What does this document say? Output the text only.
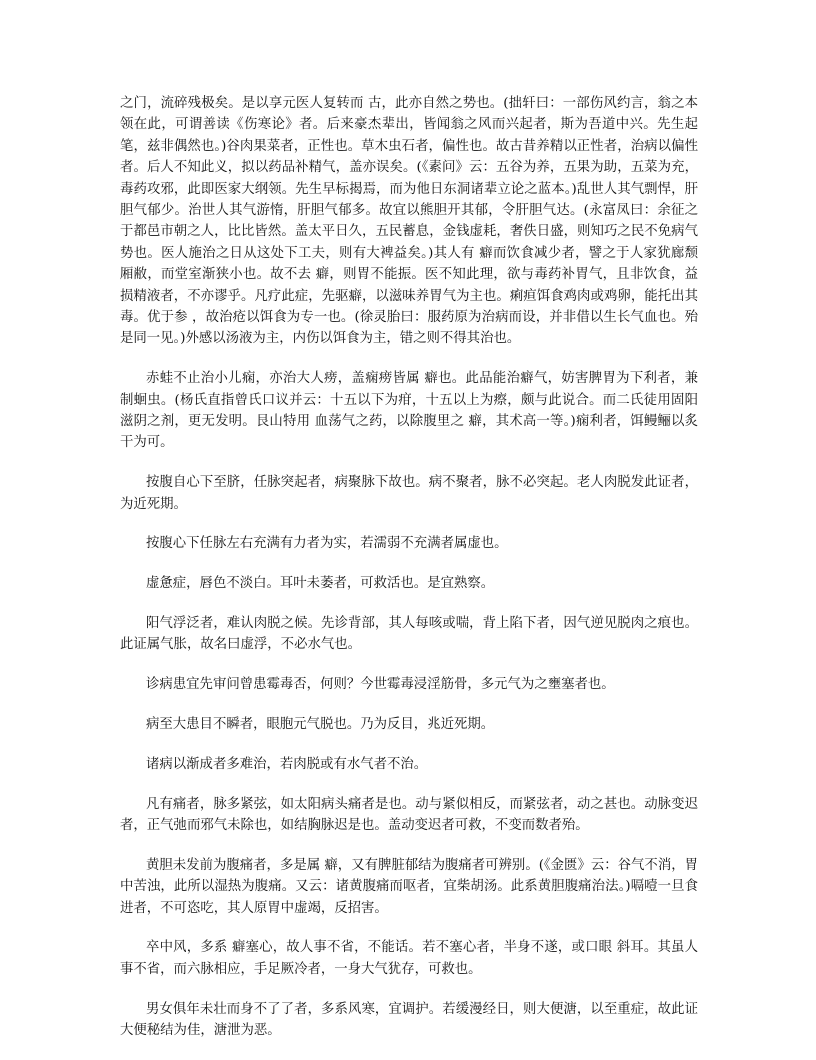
之门，流碎残极矣。是以享元医人复转而 古，此亦自然之势也。(拙轩曰：一部伤风约言，翁之本领在此，可谓善读《伤寒论》者。后来豪杰辈出，皆闻翁之风而兴起者，斯为吾道中兴。先生起笔，兹非偶然也。)谷肉果菜者，正性也。草木虫石者，偏性也。故古昔养精以正性者，治病以偏性者。后人不知此义，拟以药品补精气，盖亦误矣。(《素问》云：五谷为养，五果为助，五菜为充，毒药攻邪，此即医家大纲领。先生早标揭焉，而为他日东洞诸辈立论之蓝本。)乱世人其气剽悍，肝胆气郁少。治世人其气游惰，肝胆气郁多。故宜以熊胆开其郁，令肝胆气达。(永富凤曰：余征之于都邑市朝之人，比比皆然。盖太平日久，五民蓄息，金钱虚耗，奢佚日盛，则知巧之民不免病气势也。医人施治之日从这处下工夫，则有大裨益矣。)其人有 癖而饮食减少者，譬之于人家犹廊颓厢敝，而堂室渐狭小也。故不去 癖，则胃不能振。医不知此理，欲与毒药补胃气，且非饮食，益损精液者，不亦谬乎。凡疗此症，先驱癖，以滋味养胃气为主也。痢疸饵食鸡肉或鸡卵，能托出其毒。优于参 ，故治疮以饵食为专一也。(徐灵胎曰：服药原为治病而设，并非借以生长气血也。殆是同一见。)外感以汤液为主，内伤以饵食为主，错之则不得其治也。

赤蛙不止治小儿痫，亦治大人痨，盖痫痨皆属 癖也。此品能治癖气，妨害脾胃为下利者，兼制蛔虫。(杨氏直指曾氏口议并云：十五以下为疳，十五以上为瘵，颇与此说合。而二氏徒用固阳滋阴之剂，更无发明。艮山特用 血荡气之药，以除腹里之 癖，其术高一等。)痫利者，饵鳗鲡以炙干为可。

按腹自心下至脐，任脉突起者，病聚脉下故也。病不聚者，脉不必突起。老人肉脱发此证者，为近死期。

按腹心下任脉左右充满有力者为实，若濡弱不充满者属虚也。

虚惫症，唇色不淡白。耳叶未萎者，可救活也。是宜熟察。

阳气浮泛者，难认肉脱之候。先诊背部，其人每咳或喘，背上陷下者，因气逆见脱肉之痕也。此证属气胀，故名曰虚浮，不必水气也。

诊病患宜先审问曾患霉毒否，何则？今世霉毒浸淫筋骨，多元气为之壅塞者也。

病至大患目不瞬者，眼胞元气脱也。乃为反目，兆近死期。

诸病以渐成者多难治，若肉脱或有水气者不治。

凡有痛者，脉多紧弦，如太阳病头痛者是也。动与紧似相反，而紧弦者，动之甚也。动脉变迟者，正气弛而邪气未除也，如结胸脉迟是也。盖动变迟者可救，不变而数者殆。

黄胆未发前为腹痛者，多是属 癖，又有脾脏郁结为腹痛者可辨别。(《金匮》云：谷气不消，胃中苦浊，此所以湿热为腹痛。又云：诸黄腹痛而呕者，宜柴胡汤。此系黄胆腹痛治法。)嗝噎一旦食进者，不可恣吃，其人原胃中虚竭，反招害。

卒中风，多系 癖塞心，故人事不省，不能话。若不塞心者，半身不遂，或口眼 斜耳。其虽人事不省，而六脉相应，手足厥冷者，一身大气犹存，可救也。

男女俱年未壮而身不了了者，多系风寒，宜调护。若缓漫经日，则大便溏，以至重症，故此证大便秘结为佳，溏泄为恶。
